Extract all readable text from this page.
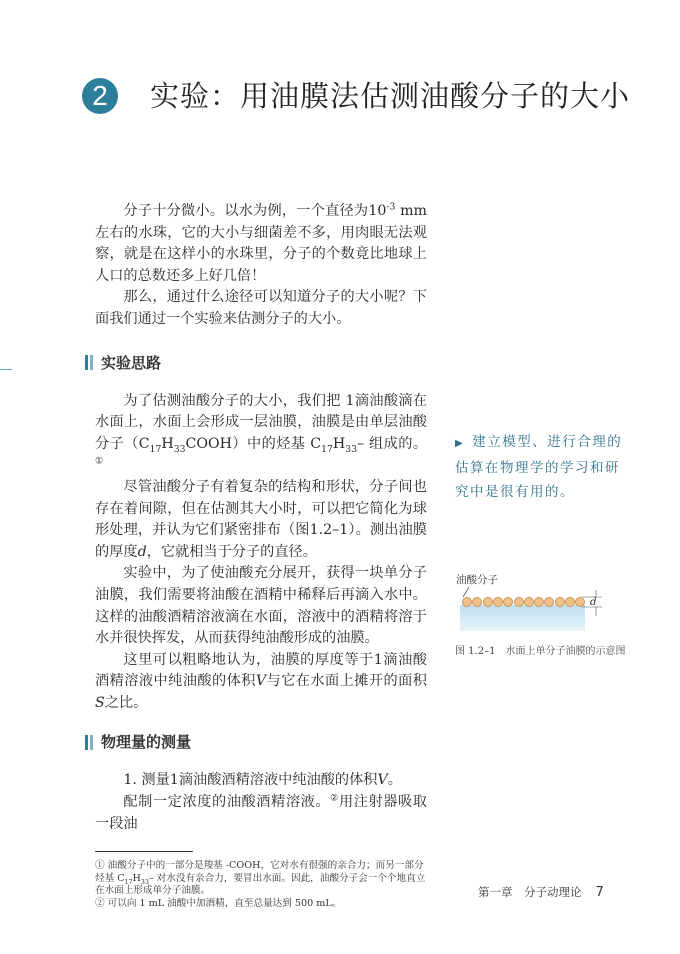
2	实验：用油膜法估测油酸分子的大小

分子十分微小。以水为例，一个直径为$10^{-3}$ mm 左右的水珠，它的大小与细菌差不多，用肉眼无法观察，就是在这样小的水珠里，分子的个数竟比地球上人口的总数还多上好几倍！

那么，通过什么途径可以知道分子的大小呢？下面我们通过一个实验来估测分子的大小。

实验思路

为了估测油酸分子的大小，我们把 1滴油酸滴在水面上，水面上会形成一层油膜，油膜是由单层油酸分子$(C_{17}H_{33}COOH)$中的烃基 $C_{17}H_{33}-$ 组成的。①

尽管油酸分子有着复杂的结构和形状，分子间也存在着间隙，但在估测其大小时，可以把它简化为球形处理，并认为它们紧密排布（图1.2–1）。测出油膜的厚度d，它就相当于分子的直径。

实验中，为了使油酸充分展开，获得一块单分子油膜，我们需要将油酸在酒精中稀释后再滴入水中。这样的油酸酒精溶液滴在水面，溶液中的酒精将溶于水并很快挥发，从而获得纯油酸形成的油膜。

这里可以粗略地认为，油膜的厚度等于1滴油酸酒精溶液中纯油酸的体积V与它在水面上摊开的面积S之比。

物理量的测量

1. 测量1滴油酸酒精溶液中纯油酸的体积V。

配制一定浓度的油酸酒精溶液。②用注射器吸取一段油

① 油酸分子中的一部分是羧基 -COOH，它对水有很强的亲合力；而另一部分烃基 $C_{17}H_{33}-$ 对水没有亲合力，要冒出水面。因此，油酸分子会一个个地直立在水面上形成单分子油膜。
② 可以向 1 mL 油酸中加酒精，直至总量达到 500 mL。
▶ 建立模型、进行合理的估算在物理学的学习和研究中是很有用的。
油酸分子
d
图 1.2–1　水面上单分子油膜的示意图
第一章　分子动理论 7
